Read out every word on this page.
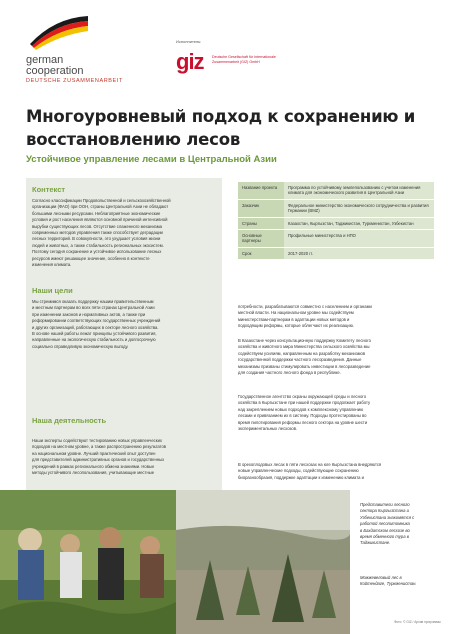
german
cooperation
DEUTSCHE ZUSAMMENARBEIT
Исполнитель:
giz Deutsche Gesellschaft für Internationale Zusammenarbeit (GIZ) GmbH
Многоуровневый подход к сохранению и
восстановлению лесов
Устойчивое управление лесами в Центральной Азии
Контекст
Согласно классификации Продовольственной и сельскохозяйственной
организации (ФАО) при ООН, страны Центральной Азии не обладают
большими лесными ресурсами. Неблагоприятные экономические
условия и рост населения являются основной причиной интенсивной
вырубки существующих лесов. Отсутствие слаженного механизма
современных методов управления также способствует деградации
лесных территорий. В совокупности, это ухудшает условия жизни
людей и животных, а также стабильность региональных экосистем.
Поэтому сегодня сохранение и устойчивое использование лесных
ресурсов имеют решающее значение, особенно в контексте
изменения климата.
Наши цели
Мы стремимся оказать поддержку нашим правительственным
и местным партнерам во всех пяти странах Центральной Азии
при изменении законов и нормативных актов, а также при
реформировании соответствующих государственных учреждений
и других организаций, работающих в секторе лесного хозяйства.
В основе нашей работы лежат принципы устойчивого развития,
направленные на экологическую стабильность и долгосрочную
социально справедливую экономическую выгоду.
Наша деятельность
Наши эксперты содействуют тестированию новых управленческих
подходов на местном уровне, а также распространению результатов
на национальном уровне. Лучший практический опыт доступен
для представителей административных органов и государственных
учреждений в рамках регионального обмена знаниями. Новые
методы устойчивого лесопользования, учитывающие местные
Название проекта	Программа по устойчивому землепользованию с учетом изменения климата для экономического развития в Центральной Азии
Заказчик	Федеральное министерство экономического сотрудничества и развития Германии (BMZ)
Страны	Казахстан, Кыргызстан, Таджикистан, Туркменистан, Узбекистан
Основные партнеры	Профильные министерства и НПО
Срок	2017-2020 гг.
потребности, разрабатываются совместно с населением и органами
местной власти. На национальном уровне мы содействуем
министерствам-партнерам в адаптации новых методов и
подходящим реформы, которые облегчают их реализацию.
В Казахстане через консультационную поддержку Комитету лесного
хозяйства и животного мира Министерства сельского хозяйства мы
содействуем усилиям, направленным на разработку механизмов
государственной поддержки частного лесоразведения. Данные
механизмы призваны стимулировать инвестиции в лесоразведение
для создания частного лесного фонда в республике.
Государственное агентство охраны окружающей среды и лесного
хозяйства в Кыргызстане при нашей поддержке продолжает работу
над закреплением новых подходов к комплексному управлению
лесами и привязанием их в систему. Подходы протестированы во
время пилотирования реформы лесного сектора на уровне шести
экспериментальных лесхозов.
В орехоплодовых лесах в пяти лесхозах на юге Кыргызстана внедряются
новые управленческие подходы, содействующие сохранению
биоразнообразия, поддержке адаптации к изменению климата и
Представители лесного
сектора Кыргызстана и
Узбекистана знакомятся с
работой лесопитомника
в Бахдатском лесхозе во
время обменного тура в
Таджикистане.
Можжевеловый лес в
Койтендаге, Туркменистан.
Фото: © GIZ / Архив программы
